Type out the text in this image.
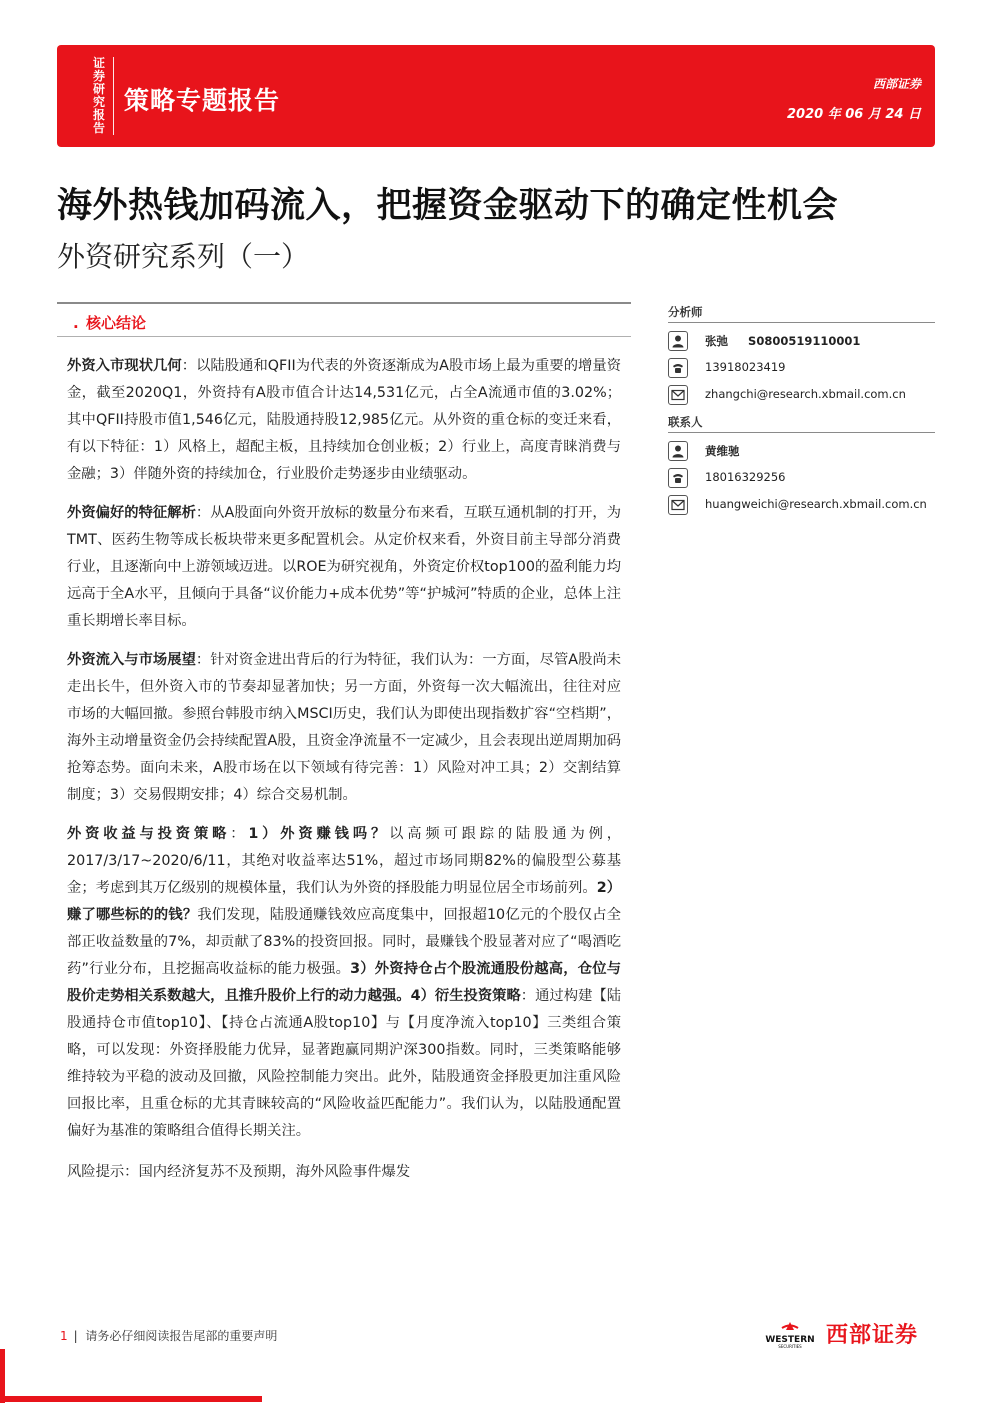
证
券
研
究
报
告
策略专题报告
西部证券
2020 年 06 月 24 日
海外热钱加码流入，把握资金驱动下的确定性机会
外资研究系列（一）
. 核心结论

外资入市现状几何：以陆股通和QFII为代表的外资逐渐成为A股市场上最为重要的增量资金，截至2020Q1，外资持有A股市值合计达14,531亿元，占全A流通市值的3.02%；其中QFII持股市值1,546亿元，陆股通持股12,985亿元。从外资的重仓标的变迁来看，有以下特征：1）风格上，超配主板，且持续加仓创业板；2）行业上，高度青睐消费与金融；3）伴随外资的持续加仓，行业股价走势逐步由业绩驱动。

外资偏好的特征解析：从A股面向外资开放标的数量分布来看，互联互通机制的打开，为TMT、医药生物等成长板块带来更多配置机会。从定价权来看，外资目前主导部分消费行业，且逐渐向中上游领域迈进。以ROE为研究视角，外资定价权top100的盈利能力均远高于全A水平，且倾向于具备“议价能力+成本优势”等“护城河”特质的企业，总体上注重长期增长率目标。

外资流入与市场展望：针对资金进出背后的行为特征，我们认为：一方面，尽管A股尚未走出长牛，但外资入市的节奏却显著加快；另一方面，外资每一次大幅流出，往往对应市场的大幅回撤。参照台韩股市纳入MSCI历史，我们认为即使出现指数扩容“空档期”，海外主动增量资金仍会持续配置A股，且资金净流量不一定减少，且会表现出逆周期加码抢筹态势。面向未来，A股市场在以下领域有待完善：1）风险对冲工具；2）交割结算制度；3）交易假期安排；4）综合交易机制。

外资收益与投资策略：1）外资赚钱吗？以高频可跟踪的陆股通为例，2017/3/17~2020/6/11，其绝对收益率达51%，超过市场同期82%的偏股型公募基金；考虑到其万亿级别的规模体量，我们认为外资的择股能力明显位居全市场前列。2）赚了哪些标的的钱？我们发现，陆股通赚钱效应高度集中，回报超10亿元的个股仅占全部正收益数量的7%，却贡献了83%的投资回报。同时，最赚钱个股显著对应了“喝酒吃药”行业分布，且挖掘高收益标的能力极强。3）外资持仓占个股流通股份越高，仓位与股价走势相关系数越大，且推升股价上行的动力越强。4）衍生投资策略：通过构建【陆股通持仓市值top10】、【持仓占流通A股top10】与【月度净流入top10】三类组合策略，可以发现：外资择股能力优异，显著跑赢同期沪深300指数。同时，三类策略能够维持较为平稳的波动及回撤，风险控制能力突出。此外，陆股通资金择股更加注重风险回报比率，且重仓标的尤其青睐较高的“风险收益匹配能力”。我们认为，以陆股通配置偏好为基准的策略组合值得长期关注。

风险提示：国内经济复苏不及预期，海外风险事件爆发

分析师
张弛 S0800519110001
13918023419
zhangchi@research.xbmail.com.cn
联系人
黄维驰
18016329256
huangweichi@research.xbmail.com.cn
1 | 请务必仔细阅读报告尾部的重要声明	WESTERN
SECURITIES 西部证券
